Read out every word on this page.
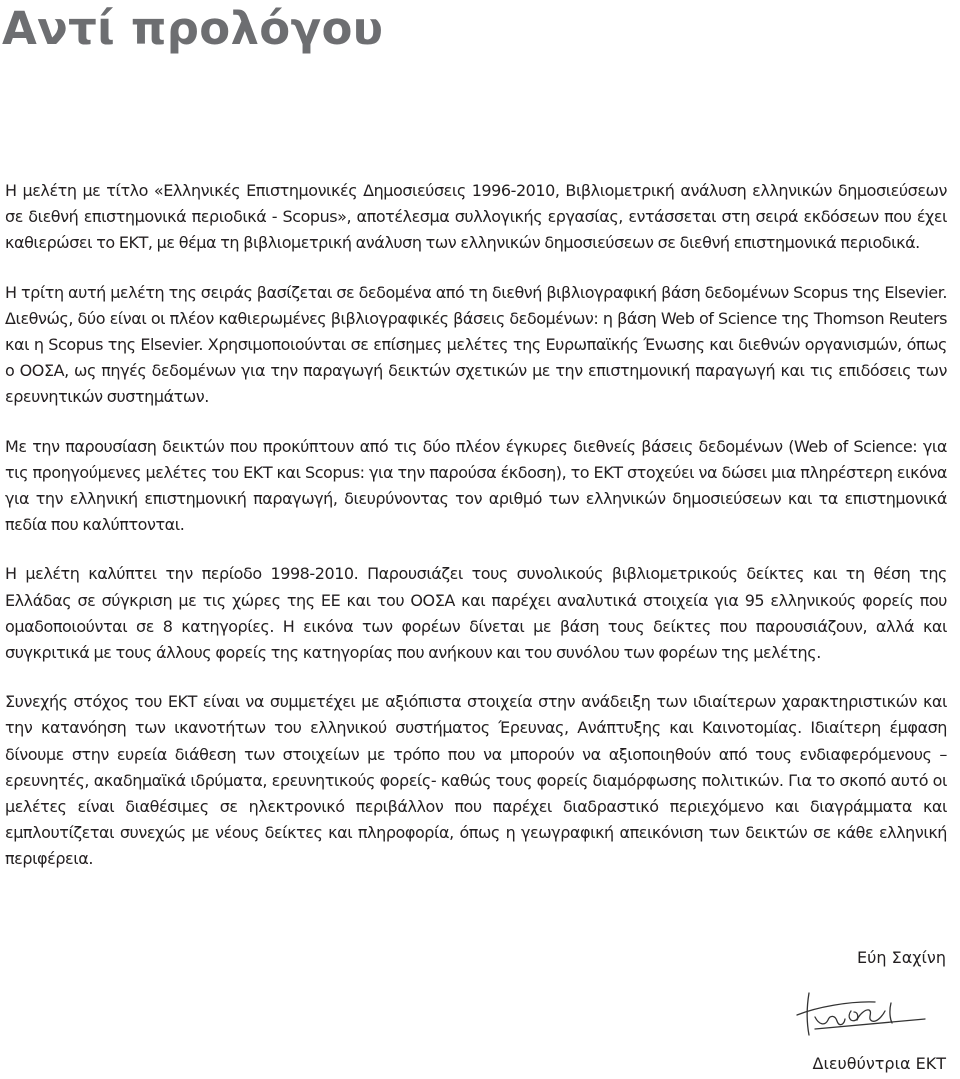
Αντί προλόγου

Η μελέτη με τίτλο «Ελληνικές Επιστημονικές Δημοσιεύσεις 1996-2010, Βιβλιομετρική ανάλυση ελληνικών δημοσιεύσεων σε διεθνή επιστημονικά περιοδικά - Scopus», αποτέλεσμα συλλογικής εργασίας, εντάσσεται στη σειρά εκδόσεων που έχει καθιερώσει το ΕΚΤ, με θέμα τη βιβλιομετρική ανάλυση των ελληνικών δημοσιεύσεων σε διεθνή επιστημονικά περιοδικά.

Η τρίτη αυτή μελέτη της σειράς βασίζεται σε δεδομένα από τη διεθνή βιβλιογραφική βάση δεδομένων Scopus της Elsevier. Διεθνώς, δύο είναι οι πλέον καθιερωμένες βιβλιογραφικές βάσεις δεδομένων: η βάση Web of Science της Thomson Reuters και η Scopus της Elsevier. Χρησιμοποιούνται σε επίσημες μελέτες της Ευρωπαϊκής Ένωσης και διεθνών οργανισμών, όπως ο ΟΟΣΑ, ως πηγές δεδομένων για την παραγωγή δεικτών σχετικών με την επιστημονική παραγωγή και τις επιδόσεις των ερευνητικών συστημάτων.

Με την παρουσίαση δεικτών που προκύπτουν από τις δύο πλέον έγκυρες διεθνείς βάσεις δεδομένων (Web of Science: για τις προηγούμενες μελέτες του ΕΚΤ και Scopus: για την παρούσα έκδοση), το ΕΚΤ στοχεύει να δώσει μια πληρέστερη εικόνα για την ελληνική επιστημονική παραγωγή, διευρύνοντας τον αριθμό των ελληνικών δημοσιεύσεων και τα επιστημονικά πεδία που καλύπτονται.

Η μελέτη καλύπτει την περίοδο 1998-2010. Παρουσιάζει τους συνολικούς βιβλιομετρικούς δείκτες και τη θέση της Ελλάδας σε σύγκριση με τις χώρες της ΕΕ και του ΟΟΣΑ και παρέχει αναλυτικά στοιχεία για 95 ελληνικούς φορείς που ομαδοποιούνται σε 8 κατηγορίες. Η εικόνα των φορέων δίνεται με βάση τους δείκτες που παρουσιάζουν, αλλά και συγκριτικά με τους άλλους φορείς της κατηγορίας που ανήκουν και του συνόλου των φορέων της μελέτης.

Συνεχής στόχος του ΕΚΤ είναι να συμμετέχει με αξιόπιστα στοιχεία στην ανάδειξη των ιδιαίτερων χαρακτηριστικών και την κατανόηση των ικανοτήτων του ελληνικού συστήματος Έρευνας, Ανάπτυξης και Καινοτομίας. Ιδιαίτερη έμφαση δίνουμε στην ευρεία διάθεση των στοιχείων με τρόπο που να μπορούν να αξιοποιηθούν από τους ενδιαφερόμενους – ερευνητές, ακαδημαϊκά ιδρύματα, ερευνητικούς φορείς- καθώς τους φορείς διαμόρφωσης πολιτικών. Για το σκοπό αυτό οι μελέτες είναι διαθέσιμες σε ηλεκτρονικό περιβάλλον που παρέχει διαδραστικό περιεχόμενο και διαγράμματα και εμπλουτίζεται συνεχώς με νέους δείκτες και πληροφορία, όπως η γεωγραφική απεικόνιση των δεικτών σε κάθε ελληνική περιφέρεια.

Εύη Σαχίνη

Διευθύντρια ΕΚΤ
